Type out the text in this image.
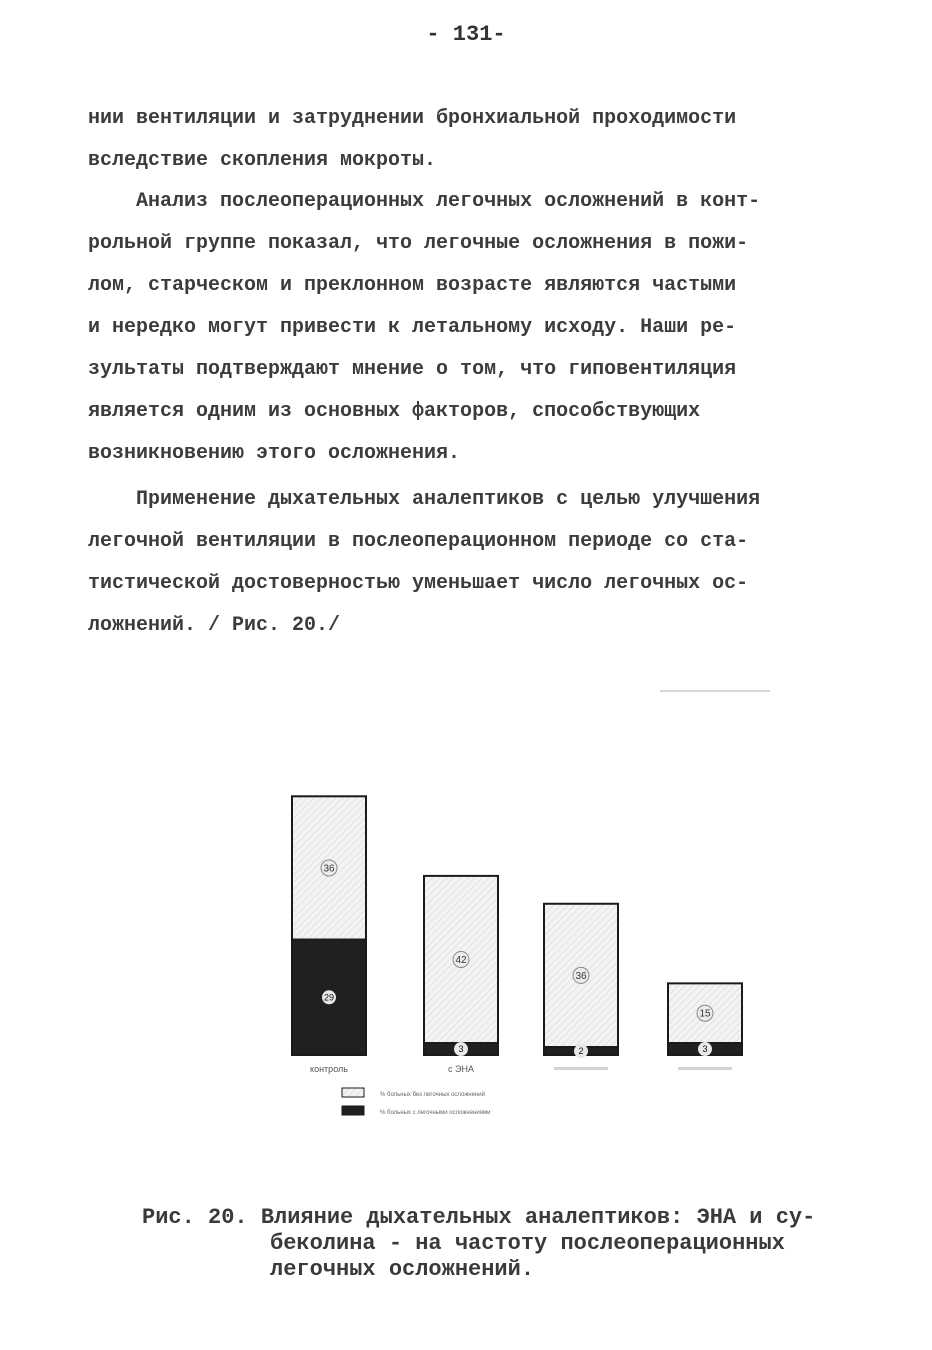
- 131-
нии вентиляции и затруднении бронхиальной проходимости
вследствие скопления мокроты.
Анализ послеоперационных легочных осложнений в конт-
рольной группе показал, что легочные осложнения в пожи-
лом, старческом и преклонном возрасте являются частыми
и нередко могут привести к летальному исходу. Наши ре-
зультаты подтверждают мнение о том, что гиповентиляция
является одним из основных факторов, способствующих
возникновению этого осложнения.
Применение дыхательных аналептиков с целью улучшения
легочной вентиляции в послеоперационном периоде со ста-
тистической достоверностью уменьшает число легочных ос-
ложнений. / Рис. 20./
36
29
контроль
42
3
с ЭНА
36
2
15
3
% больных без легочных осложнений
% больных с легочными осложнениями
Рис. 20. Влияние дыхательных аналептиков: ЭНА и су-
беколина - на частоту послеоперационных
легочных осложнений.
